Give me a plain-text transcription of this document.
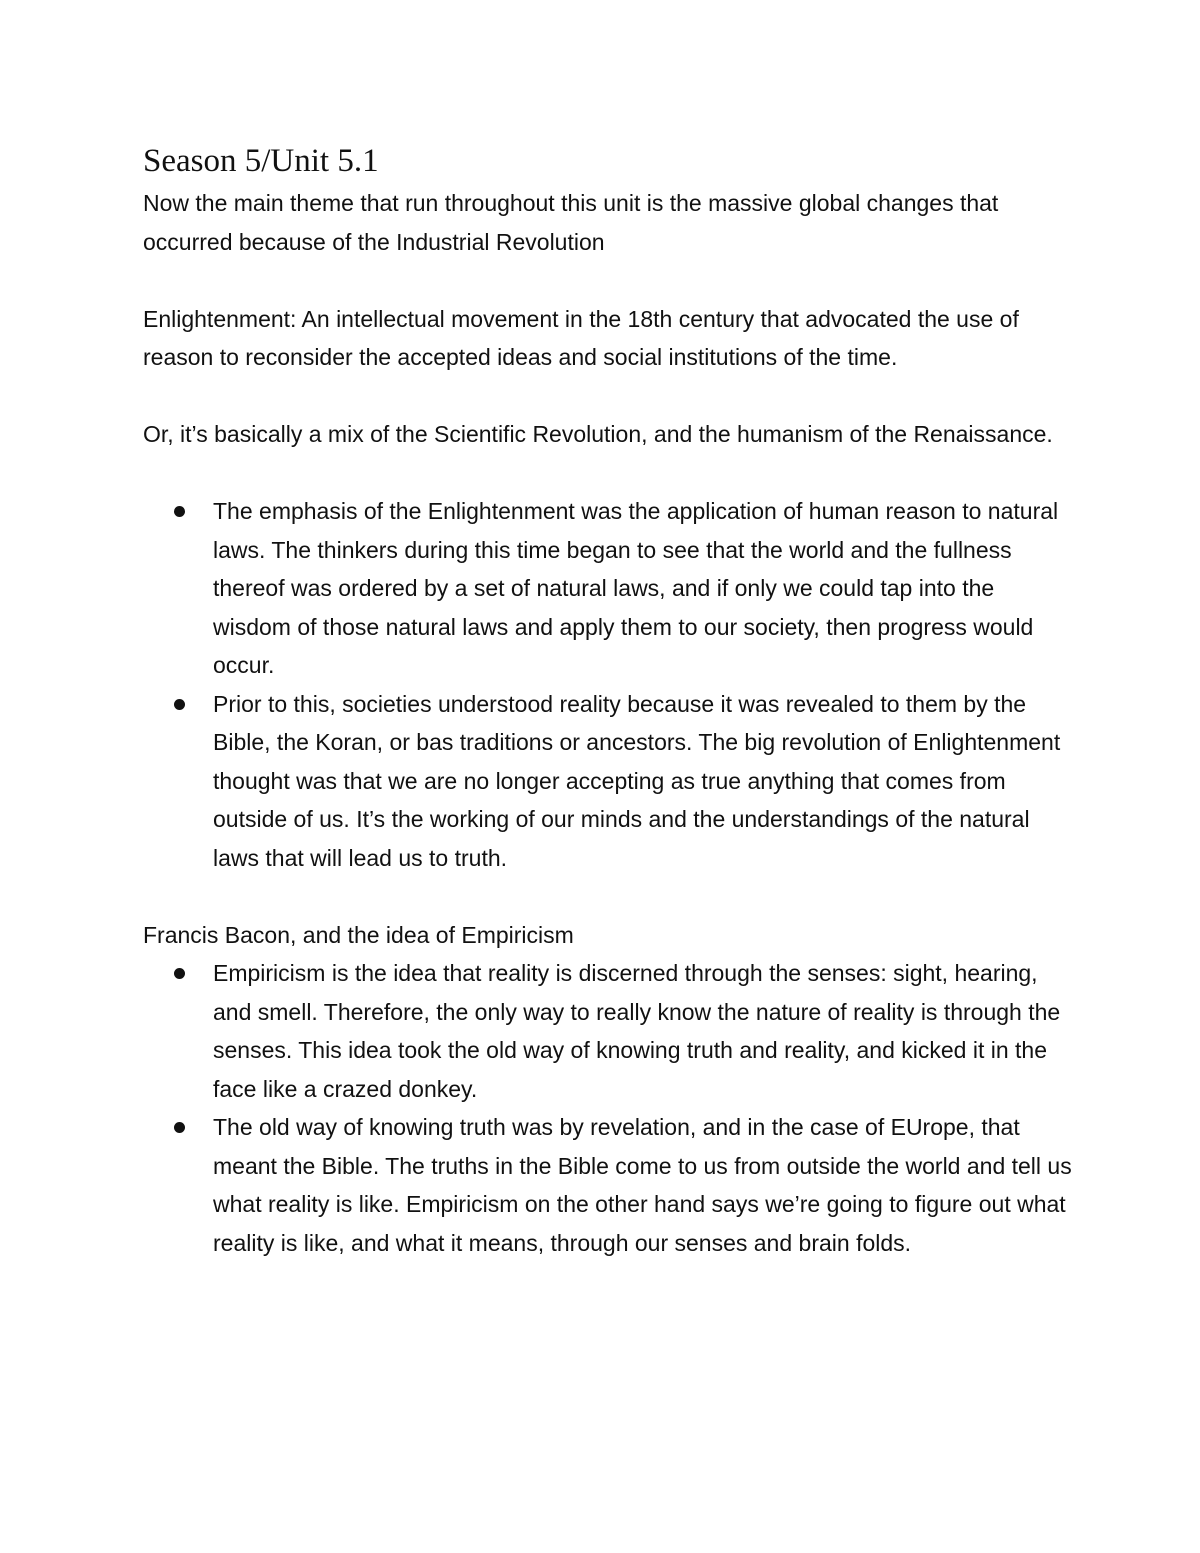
Season 5/Unit 5.1

Now the main theme that run throughout this unit is the massive global changes that occurred because of the Industrial Revolution

Enlightenment: An intellectual movement in the 18th century that advocated the use of reason to reconsider the accepted ideas and social institutions of the time.

Or, it’s basically a mix of the Scientific Revolution, and the humanism of the Renaissance.

The emphasis of the Enlightenment was the application of human reason to natural laws. The thinkers during this time began to see that the world and the fullness thereof was ordered by a set of natural laws, and if only we could tap into the wisdom of those natural laws and apply them to our society, then progress would occur.
Prior to this, societies understood reality because it was revealed to them by the Bible, the Koran, or bas traditions or ancestors. The big revolution of Enlightenment thought was that we are no longer accepting as true anything that comes from outside of us. It’s the working of our minds and the understandings of the natural laws that will lead us to truth.

Francis Bacon, and the idea of Empiricism

Empiricism is the idea that reality is discerned through the senses: sight, hearing, and smell. Therefore, the only way to really know the nature of reality is through the senses. This idea took the old way of knowing truth and reality, and kicked it in the face like a crazed donkey.
The old way of knowing truth was by revelation, and in the case of EUrope, that meant the Bible. The truths in the Bible come to us from outside the world and tell us what reality is like. Empiricism on the other hand says we’re going to figure out what reality is like, and what it means, through our senses and brain folds.
